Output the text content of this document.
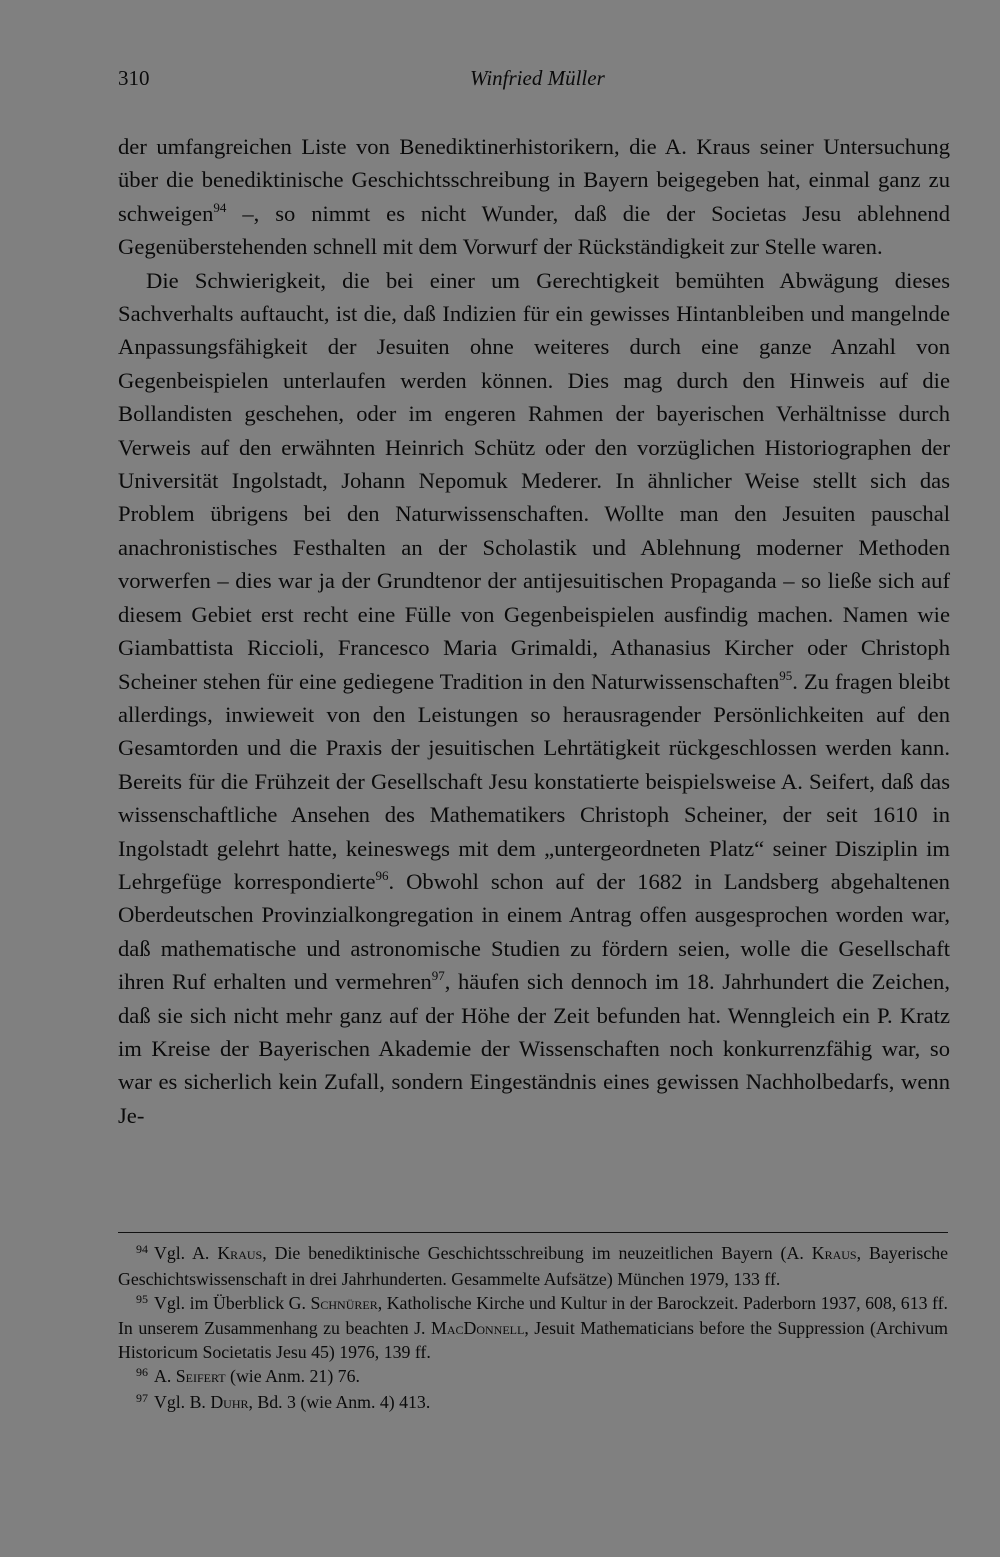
310	Winfried Müller

der umfangreichen Liste von Benediktinerhistorikern, die A. Kraus seiner Untersuchung über die benediktinische Geschichtsschreibung in Bayern beigegeben hat, einmal ganz zu schweigen$^{94}$ –, so nimmt es nicht Wunder, daß die der Societas Jesu ablehnend Gegenüberstehenden schnell mit dem Vorwurf der Rückständigkeit zur Stelle waren.

Die Schwierigkeit, die bei einer um Gerechtigkeit bemühten Abwägung dieses Sachverhalts auftaucht, ist die, daß Indizien für ein gewisses Hintanbleiben und mangelnde Anpassungsfähigkeit der Jesuiten ohne weiteres durch eine ganze Anzahl von Gegenbeispielen unterlaufen werden können. Dies mag durch den Hinweis auf die Bollandisten geschehen, oder im engeren Rahmen der bayerischen Verhältnisse durch Verweis auf den erwähnten Heinrich Schütz oder den vorzüglichen Historiographen der Universität Ingolstadt, Johann Nepomuk Mederer. In ähnlicher Weise stellt sich das Problem übrigens bei den Naturwissenschaften. Wollte man den Jesuiten pauschal anachronistisches Festhalten an der Scholastik und Ablehnung moderner Methoden vorwerfen – dies war ja der Grundtenor der antijesuitischen Propaganda – so ließe sich auf diesem Gebiet erst recht eine Fülle von Gegenbeispielen ausfindig machen. Namen wie Giambattista Riccioli, Francesco Maria Grimaldi, Athanasius Kircher oder Christoph Scheiner stehen für eine gediegene Tradition in den Naturwissenschaften$^{95}$. Zu fragen bleibt allerdings, inwieweit von den Leistungen so herausragender Persönlichkeiten auf den Gesamtorden und die Praxis der jesuitischen Lehrtätigkeit rückgeschlossen werden kann. Bereits für die Frühzeit der Gesellschaft Jesu konstatierte beispielsweise A. Seifert, daß das wissenschaftliche Ansehen des Mathematikers Christoph Scheiner, der seit 1610 in Ingolstadt gelehrt hatte, keineswegs mit dem „untergeordneten Platz“ seiner Disziplin im Lehrgefüge korrespondierte$^{96}$. Obwohl schon auf der 1682 in Landsberg abgehaltenen Oberdeutschen Provinzialkongregation in einem Antrag offen ausgesprochen worden war, daß mathematische und astronomische Studien zu fördern seien, wolle die Gesellschaft ihren Ruf erhalten und vermehren$^{97}$, häufen sich dennoch im 18. Jahrhundert die Zeichen, daß sie sich nicht mehr ganz auf der Höhe der Zeit befunden hat. Wenngleich ein P. Kratz im Kreise der Bayerischen Akademie der Wissenschaften noch konkurrenzfähig war, so war es sicherlich kein Zufall, sondern Eingeständnis eines gewissen Nachholbedarfs, wenn Je-

$^{94}$ Vgl. A. Kraus, Die benediktinische Geschichtsschreibung im neuzeitlichen Bayern (A. Kraus, Bayerische Geschichtswissenschaft in drei Jahrhunderten. Gesammelte Aufsätze) München 1979, 133 ff.

$^{95}$ Vgl. im Überblick G. Schnürer, Katholische Kirche und Kultur in der Barockzeit. Paderborn 1937, 608, 613 ff. In unserem Zusammenhang zu beachten J. MacDonnell, Jesuit Mathematicians before the Suppression (Archivum Historicum Societatis Jesu 45) 1976, 139 ff.

$^{96}$ A. Seifert (wie Anm. 21) 76.

$^{97}$ Vgl. B. Duhr, Bd. 3 (wie Anm. 4) 413.
